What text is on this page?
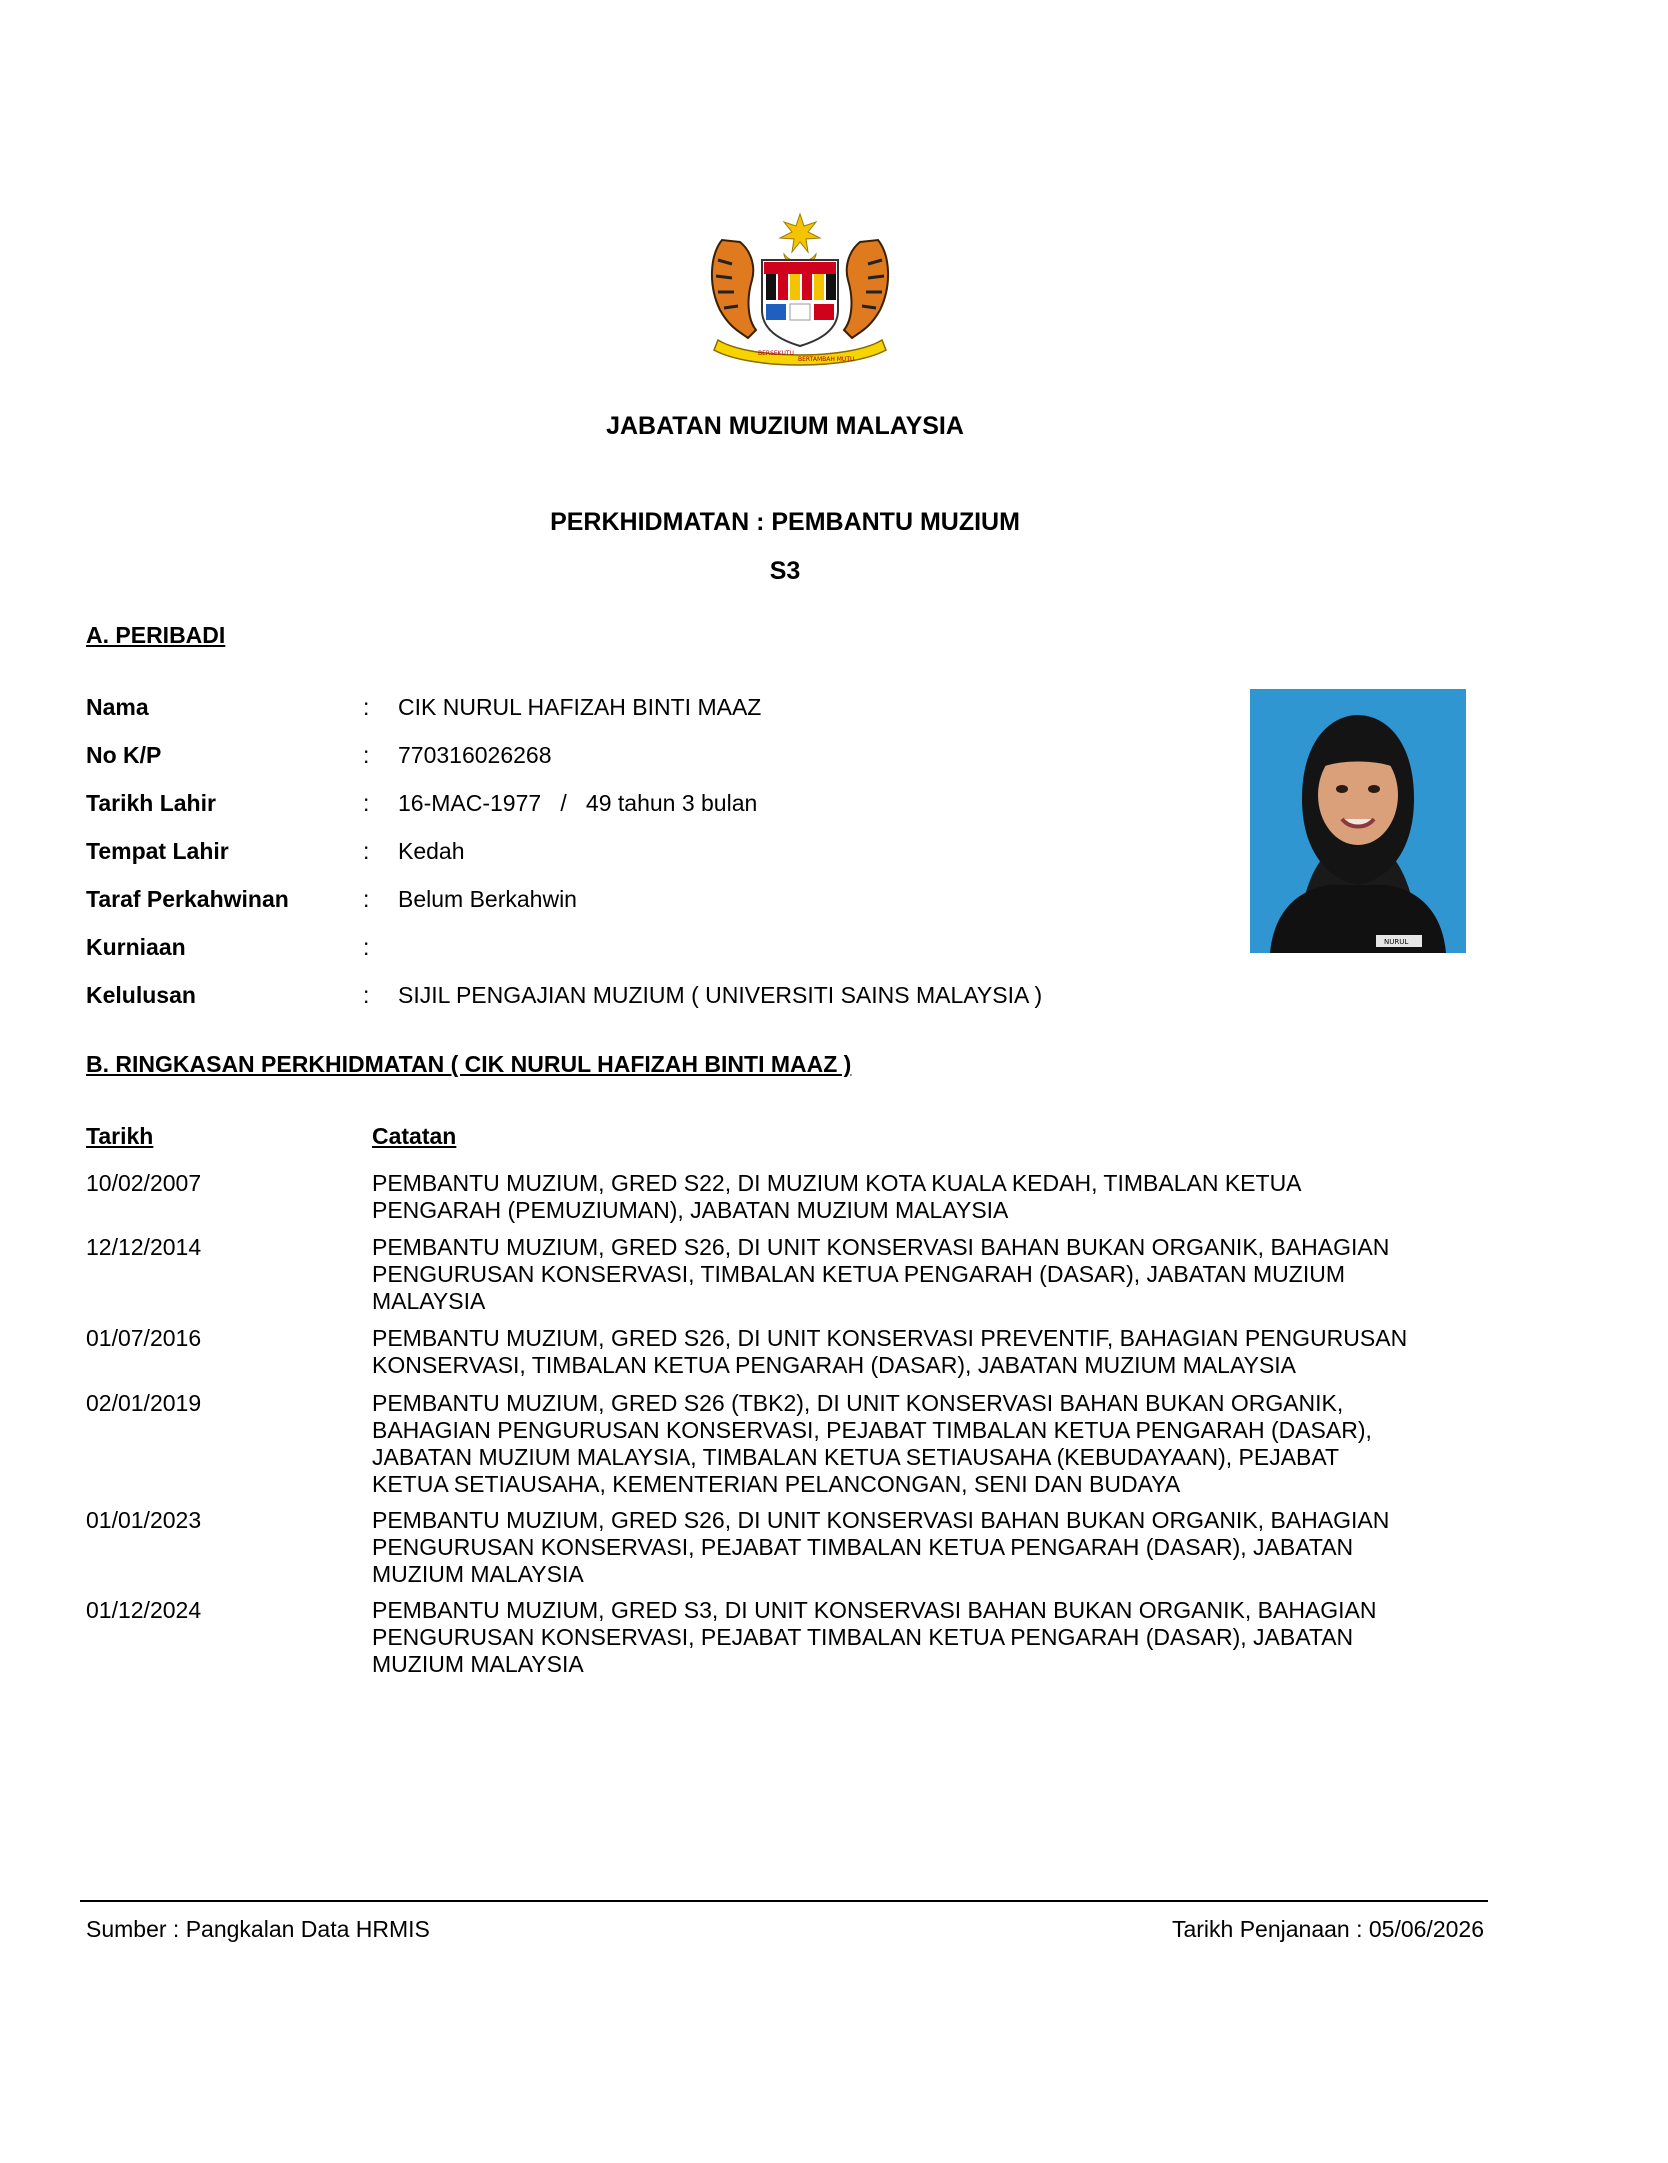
BERSEKUTU
BERTAMBAH MUTU
JABATAN MUZIUM MALAYSIA
PERKHIDMATAN : PEMBANTU MUZIUM
S3
A. PERIBADI
Nama	: CIK NURUL HAFIZAH BINTI MAAZ
No K/P	: 770316026268
Tarikh Lahir	: 16-MAC-1977   /   49 tahun 3 bulan
Tempat Lahir	: Kedah
Taraf Perkahwinan	: Belum Berkahwin
Kurniaan	:
Kelulusan	: SIJIL PENGAJIAN MUZIUM ( UNIVERSITI SAINS MALAYSIA )
NURUL
B. RINGKASAN PERKHIDMATAN ( CIK NURUL HAFIZAH BINTI MAAZ )
Tarikh	Catatan
10/02/2007	PEMBANTU MUZIUM, GRED S22, DI MUZIUM KOTA KUALA KEDAH, TIMBALAN KETUA
PENGARAH (PEMUZIUMAN), JABATAN MUZIUM MALAYSIA
12/12/2014	PEMBANTU MUZIUM, GRED S26, DI UNIT KONSERVASI BAHAN BUKAN ORGANIK, BAHAGIAN
PENGURUSAN KONSERVASI, TIMBALAN KETUA PENGARAH (DASAR), JABATAN MUZIUM
MALAYSIA
01/07/2016	PEMBANTU MUZIUM, GRED S26, DI UNIT KONSERVASI PREVENTIF, BAHAGIAN PENGURUSAN
KONSERVASI, TIMBALAN KETUA PENGARAH (DASAR), JABATAN MUZIUM MALAYSIA
02/01/2019	PEMBANTU MUZIUM, GRED S26 (TBK2), DI UNIT KONSERVASI BAHAN BUKAN ORGANIK,
BAHAGIAN PENGURUSAN KONSERVASI, PEJABAT TIMBALAN KETUA PENGARAH (DASAR),
JABATAN MUZIUM MALAYSIA, TIMBALAN KETUA SETIAUSAHA (KEBUDAYAAN), PEJABAT
KETUA SETIAUSAHA, KEMENTERIAN PELANCONGAN, SENI DAN BUDAYA
01/01/2023	PEMBANTU MUZIUM, GRED S26, DI UNIT KONSERVASI BAHAN BUKAN ORGANIK, BAHAGIAN
PENGURUSAN KONSERVASI, PEJABAT TIMBALAN KETUA PENGARAH (DASAR), JABATAN
MUZIUM MALAYSIA
01/12/2024	PEMBANTU MUZIUM, GRED S3, DI UNIT KONSERVASI BAHAN BUKAN ORGANIK, BAHAGIAN
PENGURUSAN KONSERVASI, PEJABAT TIMBALAN KETUA PENGARAH (DASAR), JABATAN
MUZIUM MALAYSIA
Sumber : Pangkalan Data HRMIS	Tarikh Penjanaan : 05/06/2026
